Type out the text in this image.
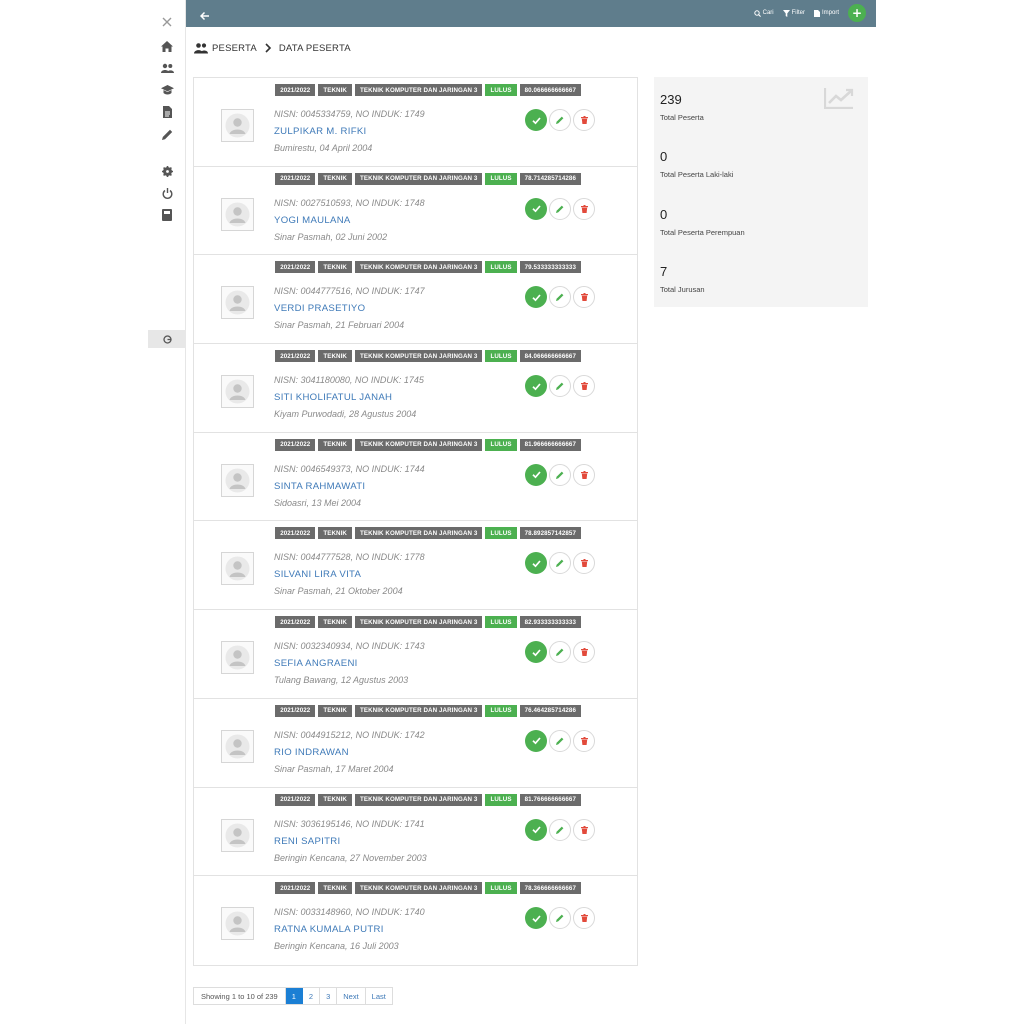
Cari	Filter	Import	+
PESERTA DATA PESERTA
2021/2022	TEKNIK	TEKNIK KOMPUTER DAN JARINGAN 3	LULUS	80.066666666667
NISN: 0045334759, NO INDUK: 1749
ZULPIKAR M. RIFKI
Bumirestu, 04 April 2004
2021/2022	TEKNIK	TEKNIK KOMPUTER DAN JARINGAN 3	LULUS	78.714285714286
NISN: 0027510593, NO INDUK: 1748
YOGI MAULANA
Sinar Pasmah, 02 Juni 2002
2021/2022	TEKNIK	TEKNIK KOMPUTER DAN JARINGAN 3	LULUS	79.533333333333
NISN: 0044777516, NO INDUK: 1747
VERDI PRASETIYO
Sinar Pasmah, 21 Februari 2004
2021/2022	TEKNIK	TEKNIK KOMPUTER DAN JARINGAN 3	LULUS	84.066666666667
NISN: 3041180080, NO INDUK: 1745
SITI KHOLIFATUL JANAH
Kiyam Purwodadi, 28 Agustus 2004
2021/2022	TEKNIK	TEKNIK KOMPUTER DAN JARINGAN 3	LULUS	81.966666666667
NISN: 0046549373, NO INDUK: 1744
SINTA RAHMAWATI
Sidoasri, 13 Mei 2004
2021/2022	TEKNIK	TEKNIK KOMPUTER DAN JARINGAN 3	LULUS	78.892857142857
NISN: 0044777528, NO INDUK: 1778
SILVANI LIRA VITA
Sinar Pasmah, 21 Oktober 2004
2021/2022	TEKNIK	TEKNIK KOMPUTER DAN JARINGAN 3	LULUS	82.933333333333
NISN: 0032340934, NO INDUK: 1743
SEFIA ANGRAENI
Tulang Bawang, 12 Agustus 2003
2021/2022	TEKNIK	TEKNIK KOMPUTER DAN JARINGAN 3	LULUS	76.464285714286
NISN: 0044915212, NO INDUK: 1742
RIO INDRAWAN
Sinar Pasmah, 17 Maret 2004
2021/2022	TEKNIK	TEKNIK KOMPUTER DAN JARINGAN 3	LULUS	81.766666666667
NISN: 3036195146, NO INDUK: 1741
RENI SAPITRI
Beringin Kencana, 27 November 2003
2021/2022	TEKNIK	TEKNIK KOMPUTER DAN JARINGAN 3	LULUS	78.366666666667
NISN: 0033148960, NO INDUK: 1740
RATNA KUMALA PUTRI
Beringin Kencana, 16 Juli 2003
Showing 1 to 10 of 239	1	2	3	Next	Last
239
Total Peserta
0
Total Peserta Laki-laki
0
Total Peserta Perempuan
7
Total Jurusan
